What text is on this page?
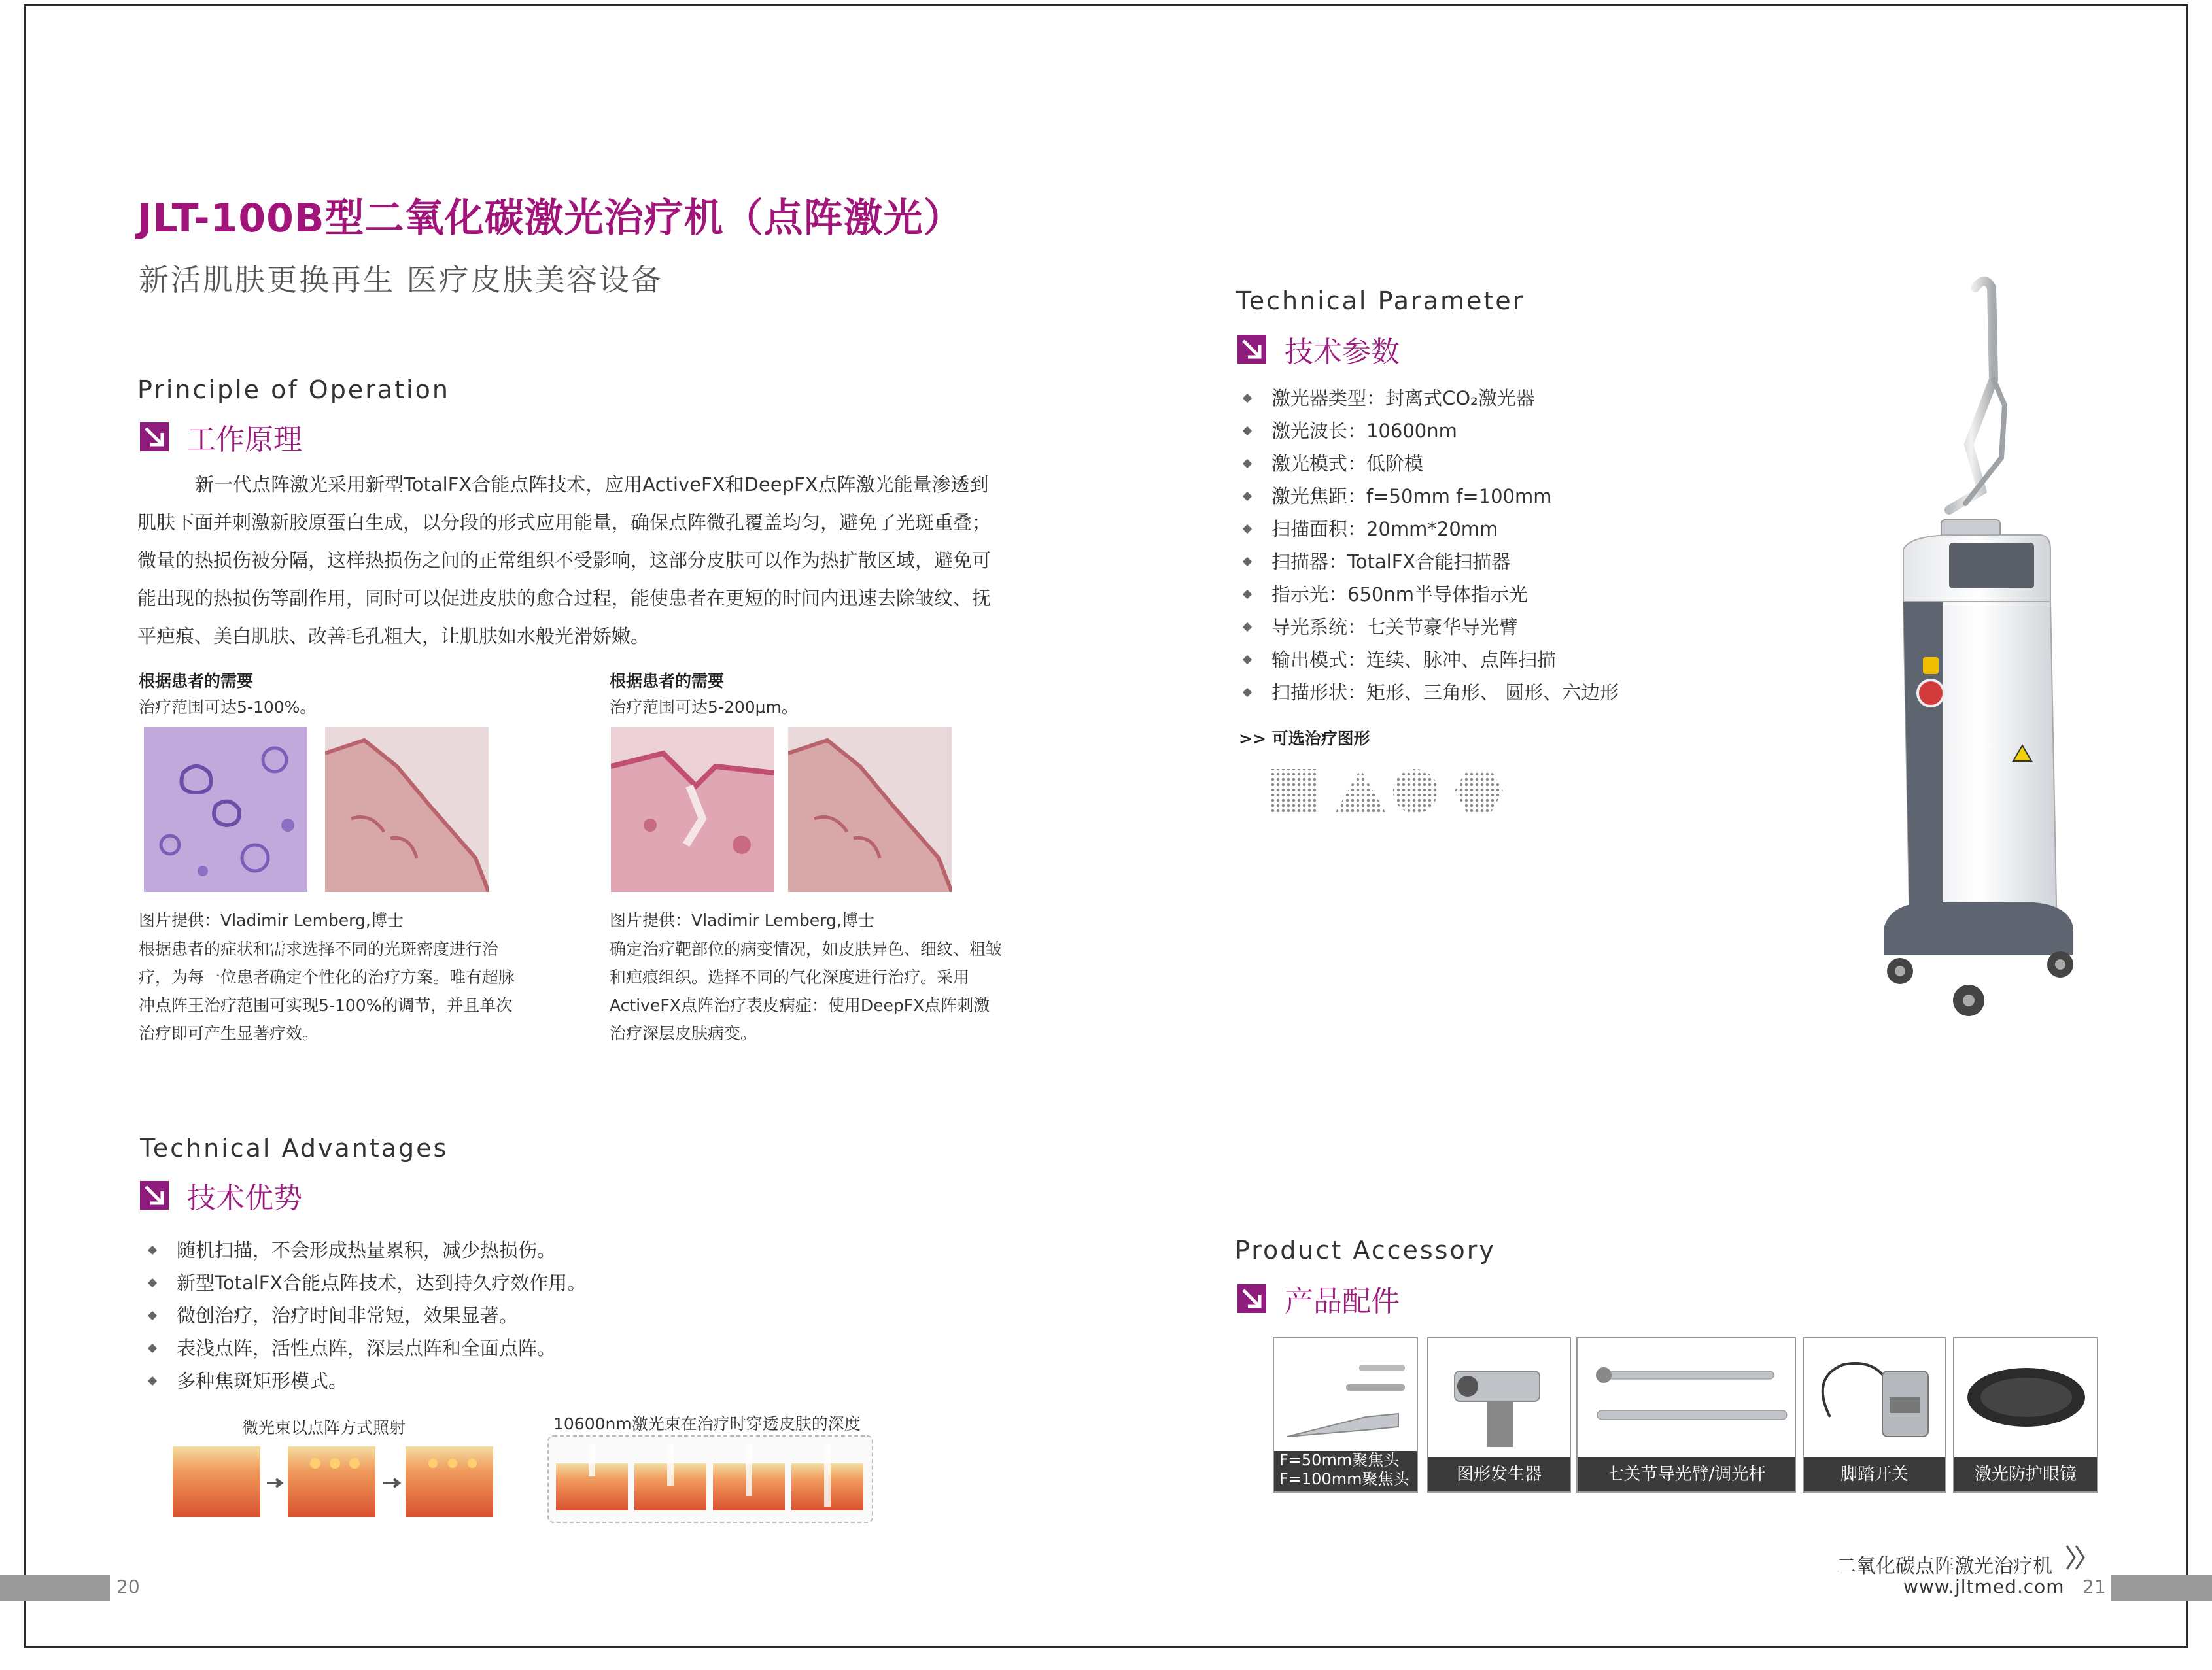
JLT-100B型二氧化碳激光治疗机（点阵激光）
新活肌肤更换再生 医疗皮肤美容设备
Principle of Operation
工作原理

新一代点阵激光采用新型TotalFX合能点阵技术，应用ActiveFX和DeepFX点阵激光能量渗透到肌肤下面并刺激新胶原蛋白生成，以分段的形式应用能量，确保点阵微孔覆盖均匀，避免了光斑重叠；微量的热损伤被分隔，这样热损伤之间的正常组织不受影响，这部分皮肤可以作为热扩散区域，避免可能出现的热损伤等副作用，同时可以促进皮肤的愈合过程，能使患者在更短的时间内迅速去除皱纹、抚平疤痕、美白肌肤、改善毛孔粗大，让肌肤如水般光滑娇嫩。

根据患者的需要
治疗范围可达5-100%。
图片提供：Vladimir Lemberg,博士
根据患者的症状和需求选择不同的光斑密度进行治疗，为每一位患者确定个性化的治疗方案。唯有超脉冲点阵王治疗范围可实现5-100%的调节，并且单次治疗即可产生显著疗效。
根据患者的需要
治疗范围可达5-200μm。
图片提供：Vladimir Lemberg,博士
确定治疗靶部位的病变情况，如皮肤异色、细纹、粗皱和疤痕组织。选择不同的气化深度进行治疗。采用ActiveFX点阵治疗表皮病症：使用DeepFX点阵刺激治疗深层皮肤病变。
Technical Advantages
技术优势
随机扫描，不会形成热量累积，减少热损伤。
新型TotalFX合能点阵技术，达到持久疗效作用。
微创治疗，治疗时间非常短，效果显著。
表浅点阵，活性点阵，深层点阵和全面点阵。
多种焦斑矩形模式。
微光束以点阵方式照射	10600nm激光束在治疗时穿透皮肤的深度
Technical Parameter
技术参数
激光器类型：封离式CO₂激光器
激光波长：10600nm
激光模式：低阶模
激光焦距：f=50mm f=100mm
扫描面积：20mm*20mm
扫描器：TotalFX合能扫描器
指示光：650nm半导体指示光
导光系统：七关节豪华导光臂
输出模式：连续、脉冲、点阵扫描
扫描形状：矩形、三角形、 圆形、六边形
>> 可选治疗图形
Product Accessory
产品配件
F=50mm聚焦头
F=100mm聚焦头	图形发生器	七关节导光臂/调光杆	脚踏开关	激光防护眼镜
20
二氧化碳点阵激光治疗机
www.jltmed.com 21
